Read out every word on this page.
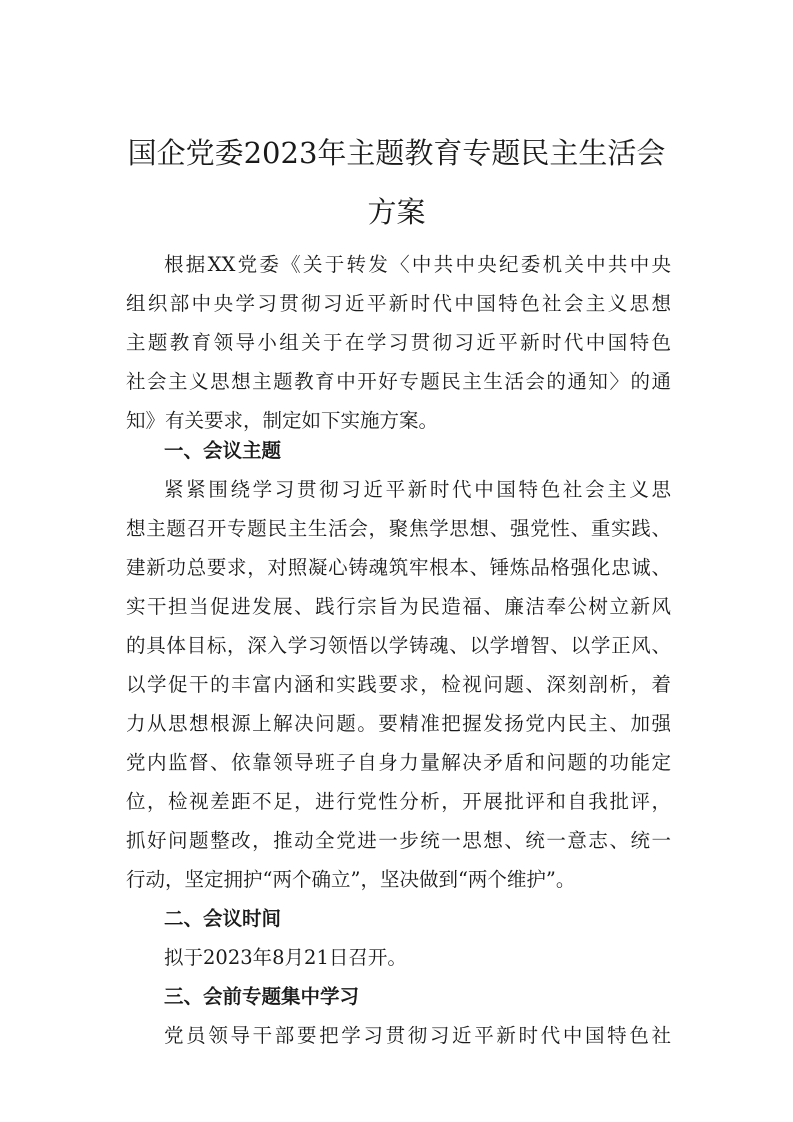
国企党委2023年主题教育专题民主生活会
方案
根据XX党委《关于转发〈中共中央纪委机关中共中央
组织部中央学习贯彻习近平新时代中国特色社会主义思想
主题教育领导小组关于在学习贯彻习近平新时代中国特色
社会主义思想主题教育中开好专题民主生活会的通知〉的通
知》有关要求，制定如下实施方案。
一、会议主题
紧紧围绕学习贯彻习近平新时代中国特色社会主义思
想主题召开专题民主生活会，聚焦学思想、强党性、重实践、
建新功总要求，对照凝心铸魂筑牢根本、锤炼品格强化忠诚、
实干担当促进发展、践行宗旨为民造福、廉洁奉公树立新风
的具体目标，深入学习领悟以学铸魂、以学增智、以学正风、
以学促干的丰富内涵和实践要求，检视问题、深刻剖析，着
力从思想根源上解决问题。要精准把握发扬党内民主、加强
党内监督、依靠领导班子自身力量解决矛盾和问题的功能定
位，检视差距不足，进行党性分析，开展批评和自我批评，
抓好问题整改，推动全党进一步统一思想、统一意志、统一
行动，坚定拥护“两个确立”，坚决做到“两个维护”。
二、会议时间
拟于2023年8月21日召开。
三、会前专题集中学习
党员领导干部要把学习贯彻习近平新时代中国特色社
